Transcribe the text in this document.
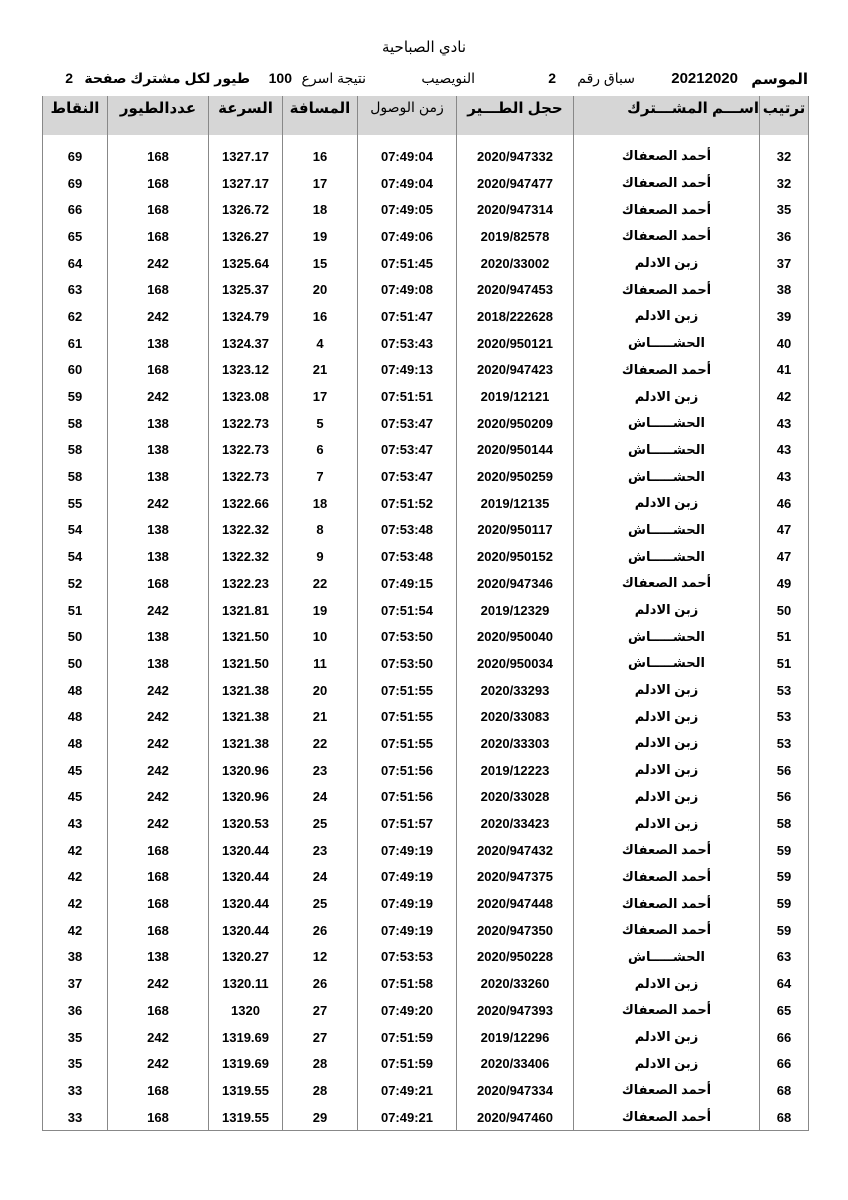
نادي الصباحية
الموسم
20212020
سباق رقم
2
النويصيب
نتيجة اسرع
100
طيور لكل مشترك صفحة
2
ترتيب	اســـم المشـــترك	حجل الطـــير	زمن الوصول	المسافة	السرعة	عددالطيور	النقاط

32	أحمد الصعفاك	2020/947332	07:49:04	16	1327.17	168	69
32	أحمد الصعفاك	2020/947477	07:49:04	17	1327.17	168	69
35	أحمد الصعفاك	2020/947314	07:49:05	18	1326.72	168	66
36	أحمد الصعفاك	2019/82578	07:49:06	19	1326.27	168	65
37	زبن الادلم	2020/33002	07:51:45	15	1325.64	242	64
38	أحمد الصعفاك	2020/947453	07:49:08	20	1325.37	168	63
39	زبن الادلم	2018/222628	07:51:47	16	1324.79	242	62
40	الحشـــــاش	2020/950121	07:53:43	4	1324.37	138	61
41	أحمد الصعفاك	2020/947423	07:49:13	21	1323.12	168	60
42	زبن الادلم	2019/12121	07:51:51	17	1323.08	242	59
43	الحشـــــاش	2020/950209	07:53:47	5	1322.73	138	58
43	الحشـــــاش	2020/950144	07:53:47	6	1322.73	138	58
43	الحشـــــاش	2020/950259	07:53:47	7	1322.73	138	58
46	زبن الادلم	2019/12135	07:51:52	18	1322.66	242	55
47	الحشـــــاش	2020/950117	07:53:48	8	1322.32	138	54
47	الحشـــــاش	2020/950152	07:53:48	9	1322.32	138	54
49	أحمد الصعفاك	2020/947346	07:49:15	22	1322.23	168	52
50	زبن الادلم	2019/12329	07:51:54	19	1321.81	242	51
51	الحشـــــاش	2020/950040	07:53:50	10	1321.50	138	50
51	الحشـــــاش	2020/950034	07:53:50	11	1321.50	138	50
53	زبن الادلم	2020/33293	07:51:55	20	1321.38	242	48
53	زبن الادلم	2020/33083	07:51:55	21	1321.38	242	48
53	زبن الادلم	2020/33303	07:51:55	22	1321.38	242	48
56	زبن الادلم	2019/12223	07:51:56	23	1320.96	242	45
56	زبن الادلم	2020/33028	07:51:56	24	1320.96	242	45
58	زبن الادلم	2020/33423	07:51:57	25	1320.53	242	43
59	أحمد الصعفاك	2020/947432	07:49:19	23	1320.44	168	42
59	أحمد الصعفاك	2020/947375	07:49:19	24	1320.44	168	42
59	أحمد الصعفاك	2020/947448	07:49:19	25	1320.44	168	42
59	أحمد الصعفاك	2020/947350	07:49:19	26	1320.44	168	42
63	الحشـــــاش	2020/950228	07:53:53	12	1320.27	138	38
64	زبن الادلم	2020/33260	07:51:58	26	1320.11	242	37
65	أحمد الصعفاك	2020/947393	07:49:20	27	1320	168	36
66	زبن الادلم	2019/12296	07:51:59	27	1319.69	242	35
66	زبن الادلم	2020/33406	07:51:59	28	1319.69	242	35
68	أحمد الصعفاك	2020/947334	07:49:21	28	1319.55	168	33
68	أحمد الصعفاك	2020/947460	07:49:21	29	1319.55	168	33
